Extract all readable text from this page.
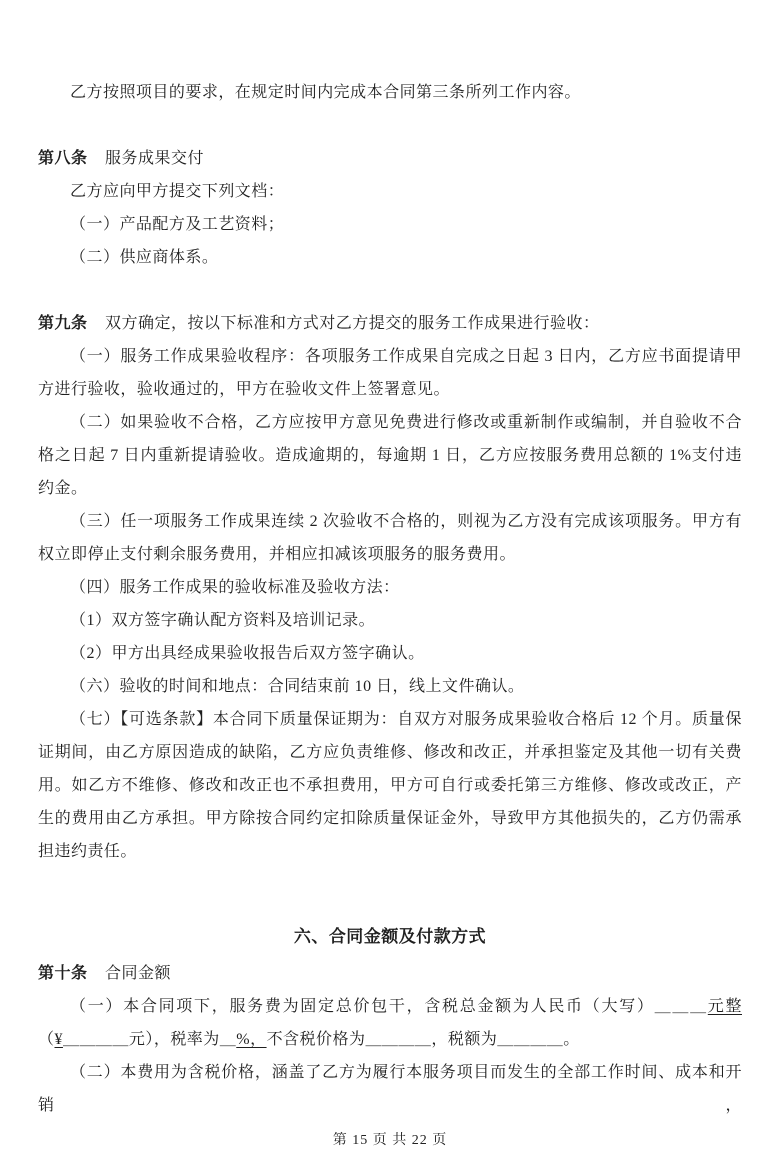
乙方按照项目的要求，在规定时间内完成本合同第三条所列工作内容。

第八条 服务成果交付

乙方应向甲方提交下列文档：

（一）产品配方及工艺资料；

（二）供应商体系。

第九条 双方确定，按以下标准和方式对乙方提交的服务工作成果进行验收：

（一）服务工作成果验收程序：各项服务工作成果自完成之日起 3 日内，乙方应书面提请甲方进行验收，验收通过的，甲方在验收文件上签署意见。

（二）如果验收不合格，乙方应按甲方意见免费进行修改或重新制作或编制，并自验收不合格之日起 7 日内重新提请验收。造成逾期的，每逾期 1 日，乙方应按服务费用总额的 1%支付违约金。

（三）任一项服务工作成果连续 2 次验收不合格的，则视为乙方没有完成该项服务。甲方有权立即停止支付剩余服务费用，并相应扣减该项服务的服务费用。

（四）服务工作成果的验收标准及验收方法：

（1）双方签字确认配方资料及培训记录。

（2）甲方出具经成果验收报告后双方签字确认。

（六）验收的时间和地点：合同结束前 10 日，线上文件确认。

（七）【可选条款】本合同下质量保证期为：自双方对服务成果验收合格后 12 个月。质量保证期间，由乙方原因造成的缺陷，乙方应负责维修、修改和改正，并承担鉴定及其他一切有关费用。如乙方不维修、修改和改正也不承担费用，甲方可自行或委托第三方维修、修改或改正，产生的费用由乙方承担。甲方除按合同约定扣除质量保证金外，导致甲方其他损失的，乙方仍需承担违约责任。

六、合同金额及付款方式

第十条 合同金额

（一）本合同项下，服务费为固定总价包干，含税总金额为人民币（大写）＿＿＿元整

（¥＿＿＿＿元），税率为＿%，不含税价格为＿＿＿＿，税额为＿＿＿＿。

（二）本费用为含税价格，涵盖了乙方为履行本服务项目而发生的全部工作时间、成本和开销，

第 15 页 共 22 页
